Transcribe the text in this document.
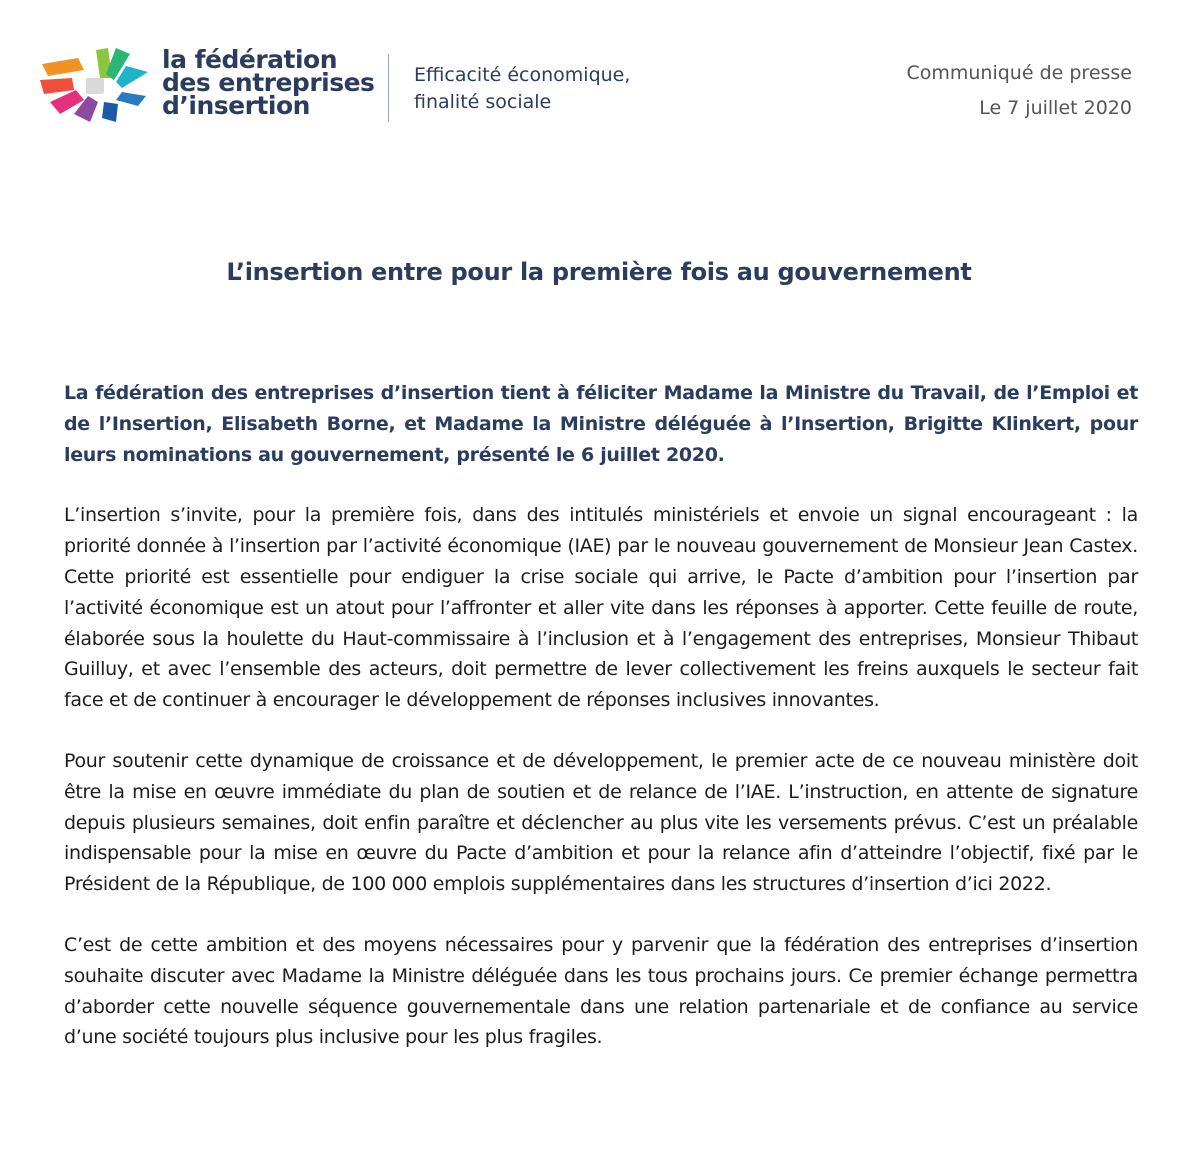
la fédération
des entreprises
d’insertion
Efficacité économique,
finalité sociale
Communiqué de presse
Le 7 juillet 2020
L’insertion entre pour la première fois au gouvernement

La fédération des entreprises d’insertion tient à féliciter Madame la Ministre du Travail, de l’Emploi et de l’Insertion, Elisabeth Borne, et Madame la Ministre déléguée à l’Insertion, Brigitte Klinkert, pour leurs nominations au gouvernement, présenté le 6 juillet 2020.

L’insertion s’invite, pour la première fois, dans des intitulés ministériels et envoie un signal encourageant : la priorité donnée à l’insertion par l’activité économique (IAE) par le nouveau gouvernement de Monsieur Jean Castex. Cette priorité est essentielle pour endiguer la crise sociale qui arrive, le Pacte d’ambition pour l’insertion par l’activité économique est un atout pour l’affronter et aller vite dans les réponses à apporter. Cette feuille de route, élaborée sous la houlette du Haut-commissaire à l’inclusion et à l’engagement des entreprises, Monsieur Thibaut Guilluy, et avec l’ensemble des acteurs, doit permettre de lever collectivement les freins auxquels le secteur fait face et de continuer à encourager le développement de réponses inclusives innovantes.

Pour soutenir cette dynamique de croissance et de développement, le premier acte de ce nouveau ministère doit être la mise en œuvre immédiate du plan de soutien et de relance de l’IAE. L’instruction, en attente de signature depuis plusieurs semaines, doit enfin paraître et déclencher au plus vite les versements prévus. C’est un préalable indispensable pour la mise en œuvre du Pacte d’ambition et pour la relance afin d’atteindre l’objectif, fixé par le Président de la République, de 100 000 emplois supplémentaires dans les structures d’insertion d’ici 2022.

C’est de cette ambition et des moyens nécessaires pour y parvenir que la fédération des entreprises d’insertion souhaite discuter avec Madame la Ministre déléguée dans les tous prochains jours. Ce premier échange permettra d’aborder cette nouvelle séquence gouvernementale dans une relation partenariale et de confiance au service d’une société toujours plus inclusive pour les plus fragiles.
